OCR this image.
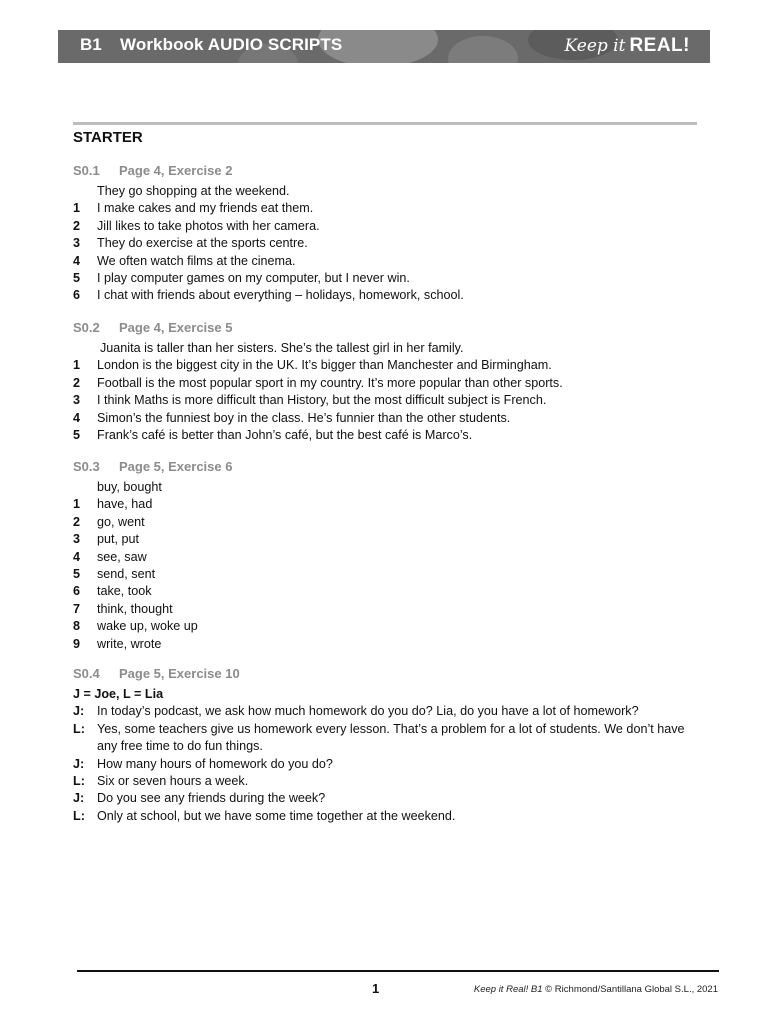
B1 Workbook AUDIO SCRIPTS	Keep it REAL!
STARTER
S0.1 Page 4, Exercise 2
They go shopping at the weekend.
1 I make cakes and my friends eat them.
2 Jill likes to take photos with her camera.
3 They do exercise at the sports centre.
4 We often watch films at the cinema.
5 I play computer games on my computer, but I never win.
6 I chat with friends about everything – holidays, homework, school.
S0.2 Page 4, Exercise 5
Juanita is taller than her sisters. She’s the tallest girl in her family.
1 London is the biggest city in the UK. It’s bigger than Manchester and Birmingham.
2 Football is the most popular sport in my country. It’s more popular than other sports.
3 I think Maths is more difficult than History, but the most difficult subject is French.
4 Simon’s the funniest boy in the class. He’s funnier than the other students.
5 Frank’s café is better than John’s café, but the best café is Marco’s.
S0.3 Page 5, Exercise 6
buy, bought
1 have, had
2 go, went
3 put, put
4 see, saw
5 send, sent
6 take, took
7 think, thought
8 wake up, woke up
9 write, wrote
S0.4 Page 5, Exercise 10
J = Joe, L = Lia
J: In today’s podcast, we ask how much homework do you do? Lia, do you have a lot of homework?
L: Yes, some teachers give us homework every lesson. That’s a problem for a lot of students. We don’t have any free time to do fun things.
J: How many hours of homework do you do?
L: Six or seven hours a week.
J: Do you see any friends during the week?
L: Only at school, but we have some time together at the weekend.
1	Keep it Real! B1 © Richmond/Santillana Global S.L., 2021
